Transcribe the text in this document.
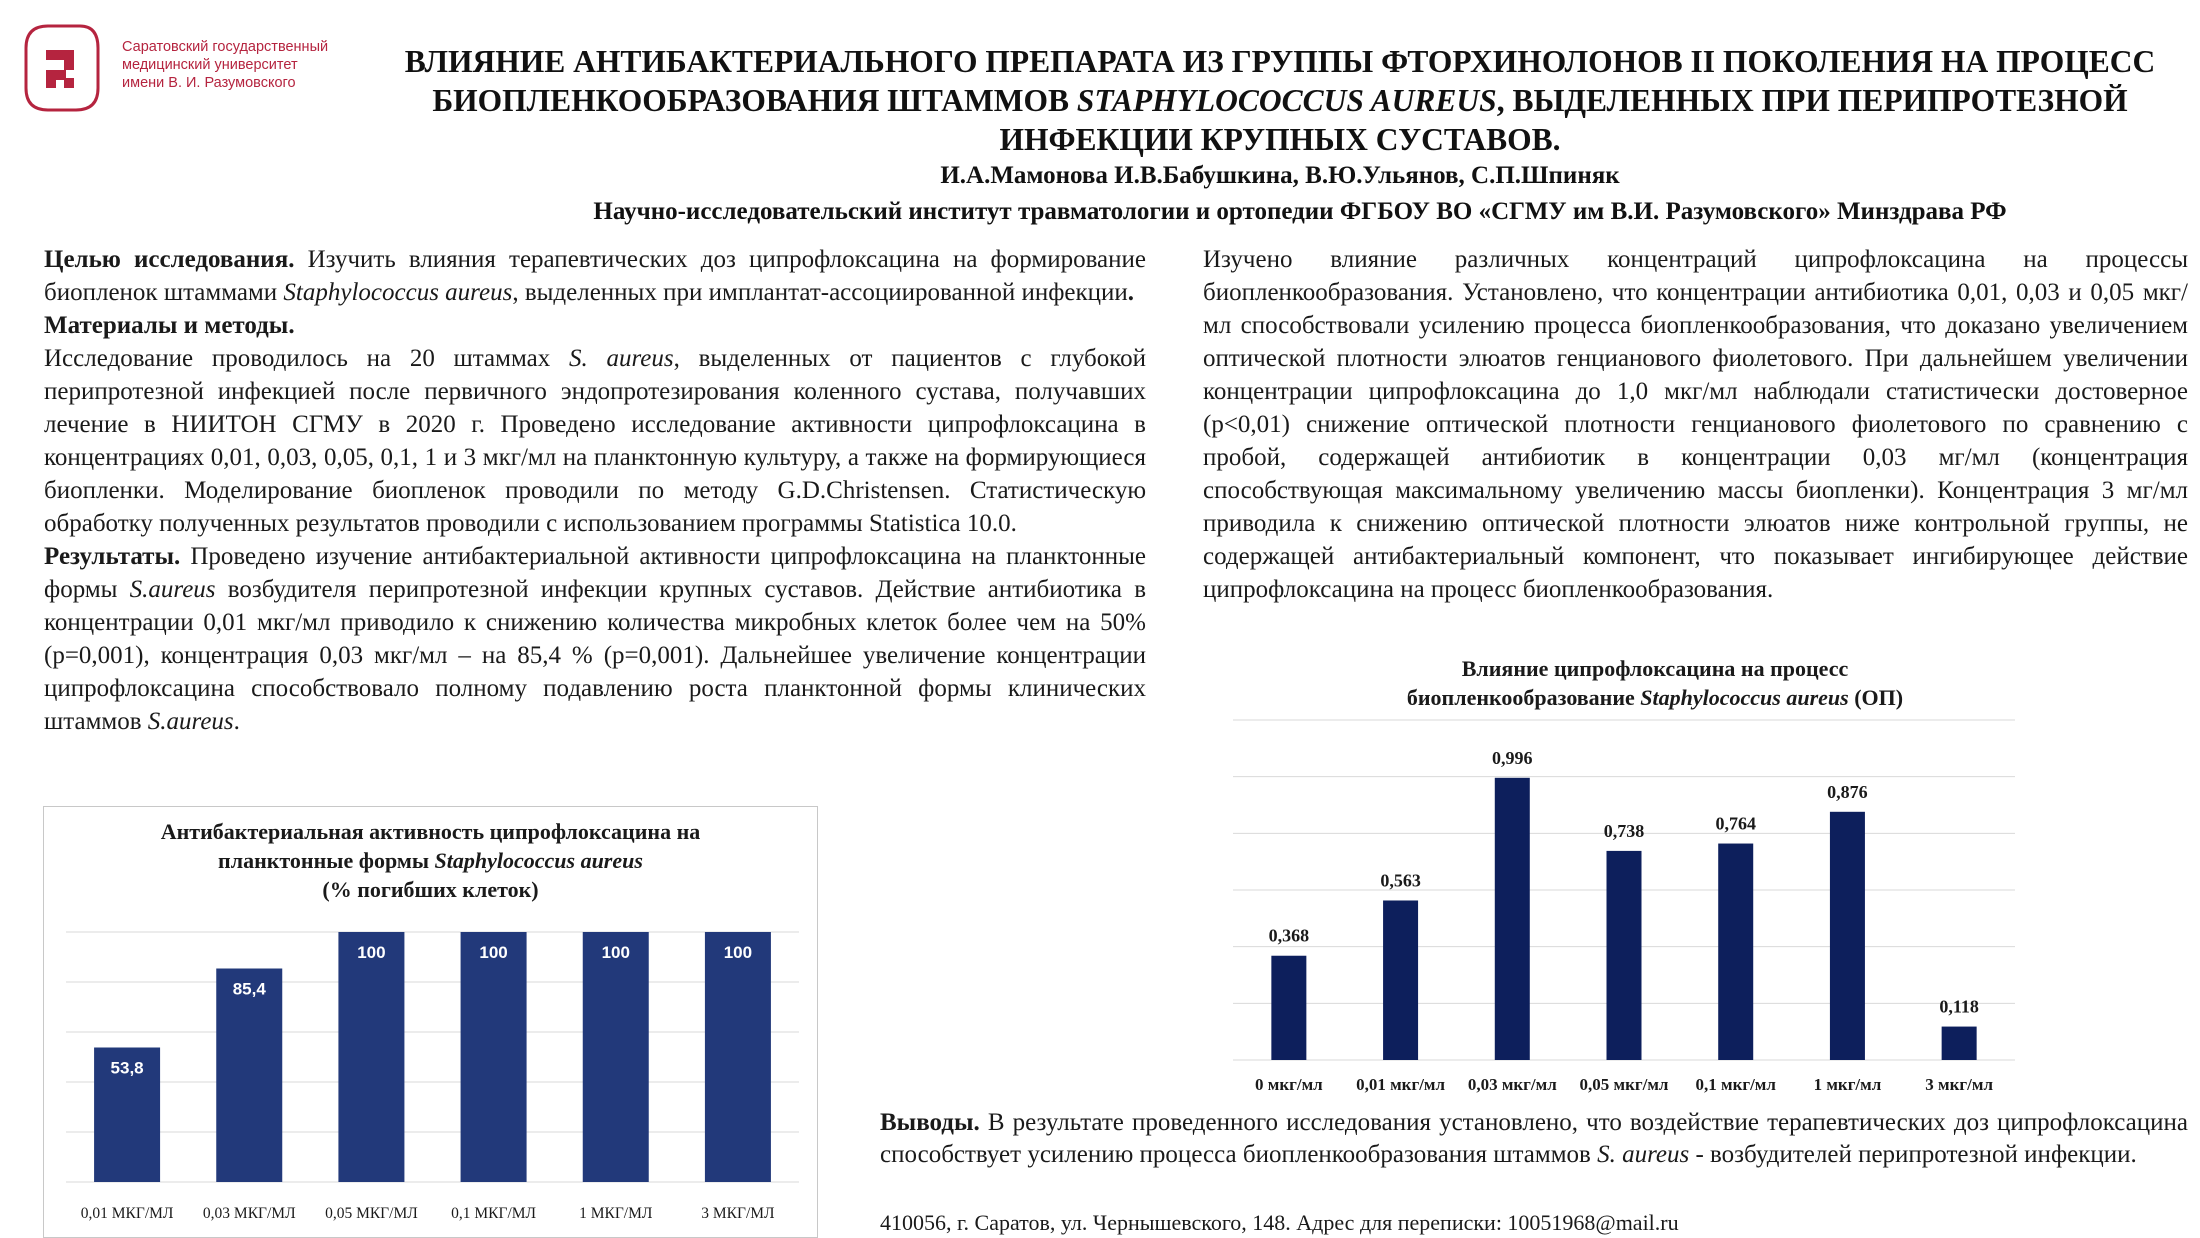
Саратовский государственный
медицинский университет
имени В. И. Разумовского
ВЛИЯНИЕ АНТИБАКТЕРИАЛЬНОГО ПРЕПАРАТА ИЗ ГРУППЫ ФТОРХИНОЛОНОВ II ПОКОЛЕНИЯ НА ПРОЦЕСС
БИОПЛЕНКООБРАЗОВАНИЯ ШТАММОВ STAPHYLOCOCCUS AUREUS, ВЫДЕЛЕННЫХ ПРИ ПЕРИПРОТЕЗНОЙ
ИНФЕКЦИИ КРУПНЫХ СУСТАВОВ.
И.А.Мамонова И.В.Бабушкина, В.Ю.Ульянов, С.П.Шпиняк
Научно-исследовательский институт травматологии и ортопедии ФГБОУ ВО «СГМУ им В.И. Разумовского» Минздрава РФ

Целью исследования. Изучить влияния терапевтических доз ципрофлоксацина на формирование биопленок штаммами Staphylococcus aureus, выделенных при имплантат-ассоциированной инфекции.

Материалы и методы.

Исследование проводилось на 20 штаммах S. aureus, выделенных от пациентов с глубокой перипротезной инфекцией после первичного эндопротезирования коленного сустава, получавших лечение в НИИТОН СГМУ в 2020 г. Проведено исследование активности ципрофлоксацина в концентрациях 0,01, 0,03, 0,05, 0,1, 1 и 3 мкг/мл на планктонную культуру, а также на формирующиеся биопленки. Моделирование биопленок проводили по методу G.D.Christensen. Статистическую обработку полученных результатов проводили с использованием программы Statistica 10.0.

Результаты. Проведено изучение антибактериальной активности ципрофлоксацина на планктонные формы S.aureus возбудителя перипротезной инфекции крупных суставов. Действие антибиотика в концентрации 0,01 мкг/мл приводило к снижению количества микробных клеток более чем на 50% (p=0,001), концентрация 0,03 мкг/мл – на 85,4 % (p=0,001). Дальнейшее увеличение концентрации ципрофлоксацина способствовало полному подавлению роста планктонной формы клинических штаммов S.aureus.

Изучено влияние различных концентраций ципрофлоксацина на процессы биопленкообразования. Установлено, что концентрации антибиотика 0,01, 0,03 и 0,05 мкг/мл способствовали усилению процесса биопленкообразования, что доказано увеличением оптической плотности элюатов генцианового фиолетового. При дальнейшем увеличении концентрации ципрофлоксацина до 1,0 мкг/мл наблюдали статистически достоверное (p<0,01) снижение оптической плотности генцианового фиолетового по сравнению с пробой, содержащей антибиотик в концентрации 0,03 мг/мл (концентрация способствующая максимальному увеличению массы биопленки). Концентрация 3 мг/мл приводила к снижению оптической плотности элюатов ниже контрольной группы, не содержащей антибактериальный компонент, что показывает ингибирующее действие ципрофлоксацина на процесс биопленкообразования.
Антибактериальная активность ципрофлоксацина на
планктонные формы Staphylococcus aureus
(% погибших клеток)
53,8
0,01 МКГ/МЛ
85,4
0,03 МКГ/МЛ
100
0,05 МКГ/МЛ
100
0,1 МКГ/МЛ
100
1 МКГ/МЛ
100
3 МКГ/МЛ
Влияние ципрофлоксацина на процесс
биопленкообразование Staphylococcus aureus (ОП)
0,368
0 мкг/мл
0,563
0,01 мкг/мл
0,996
0,03 мкг/мл
0,738
0,05 мкг/мл
0,764
0,1 мкг/мл
0,876
1 мкг/мл
0,118
3 мкг/мл
Выводы. В результате проведенного исследования установлено, что воздействие терапевтических доз ципрофлоксацина способствует усилению процесса биопленкообразования штаммов S. aureus - возбудителей перипротезной инфекции.
410056, г. Саратов, ул. Чернышевского, 148. Адрес для переписки: 10051968@mail.ru
